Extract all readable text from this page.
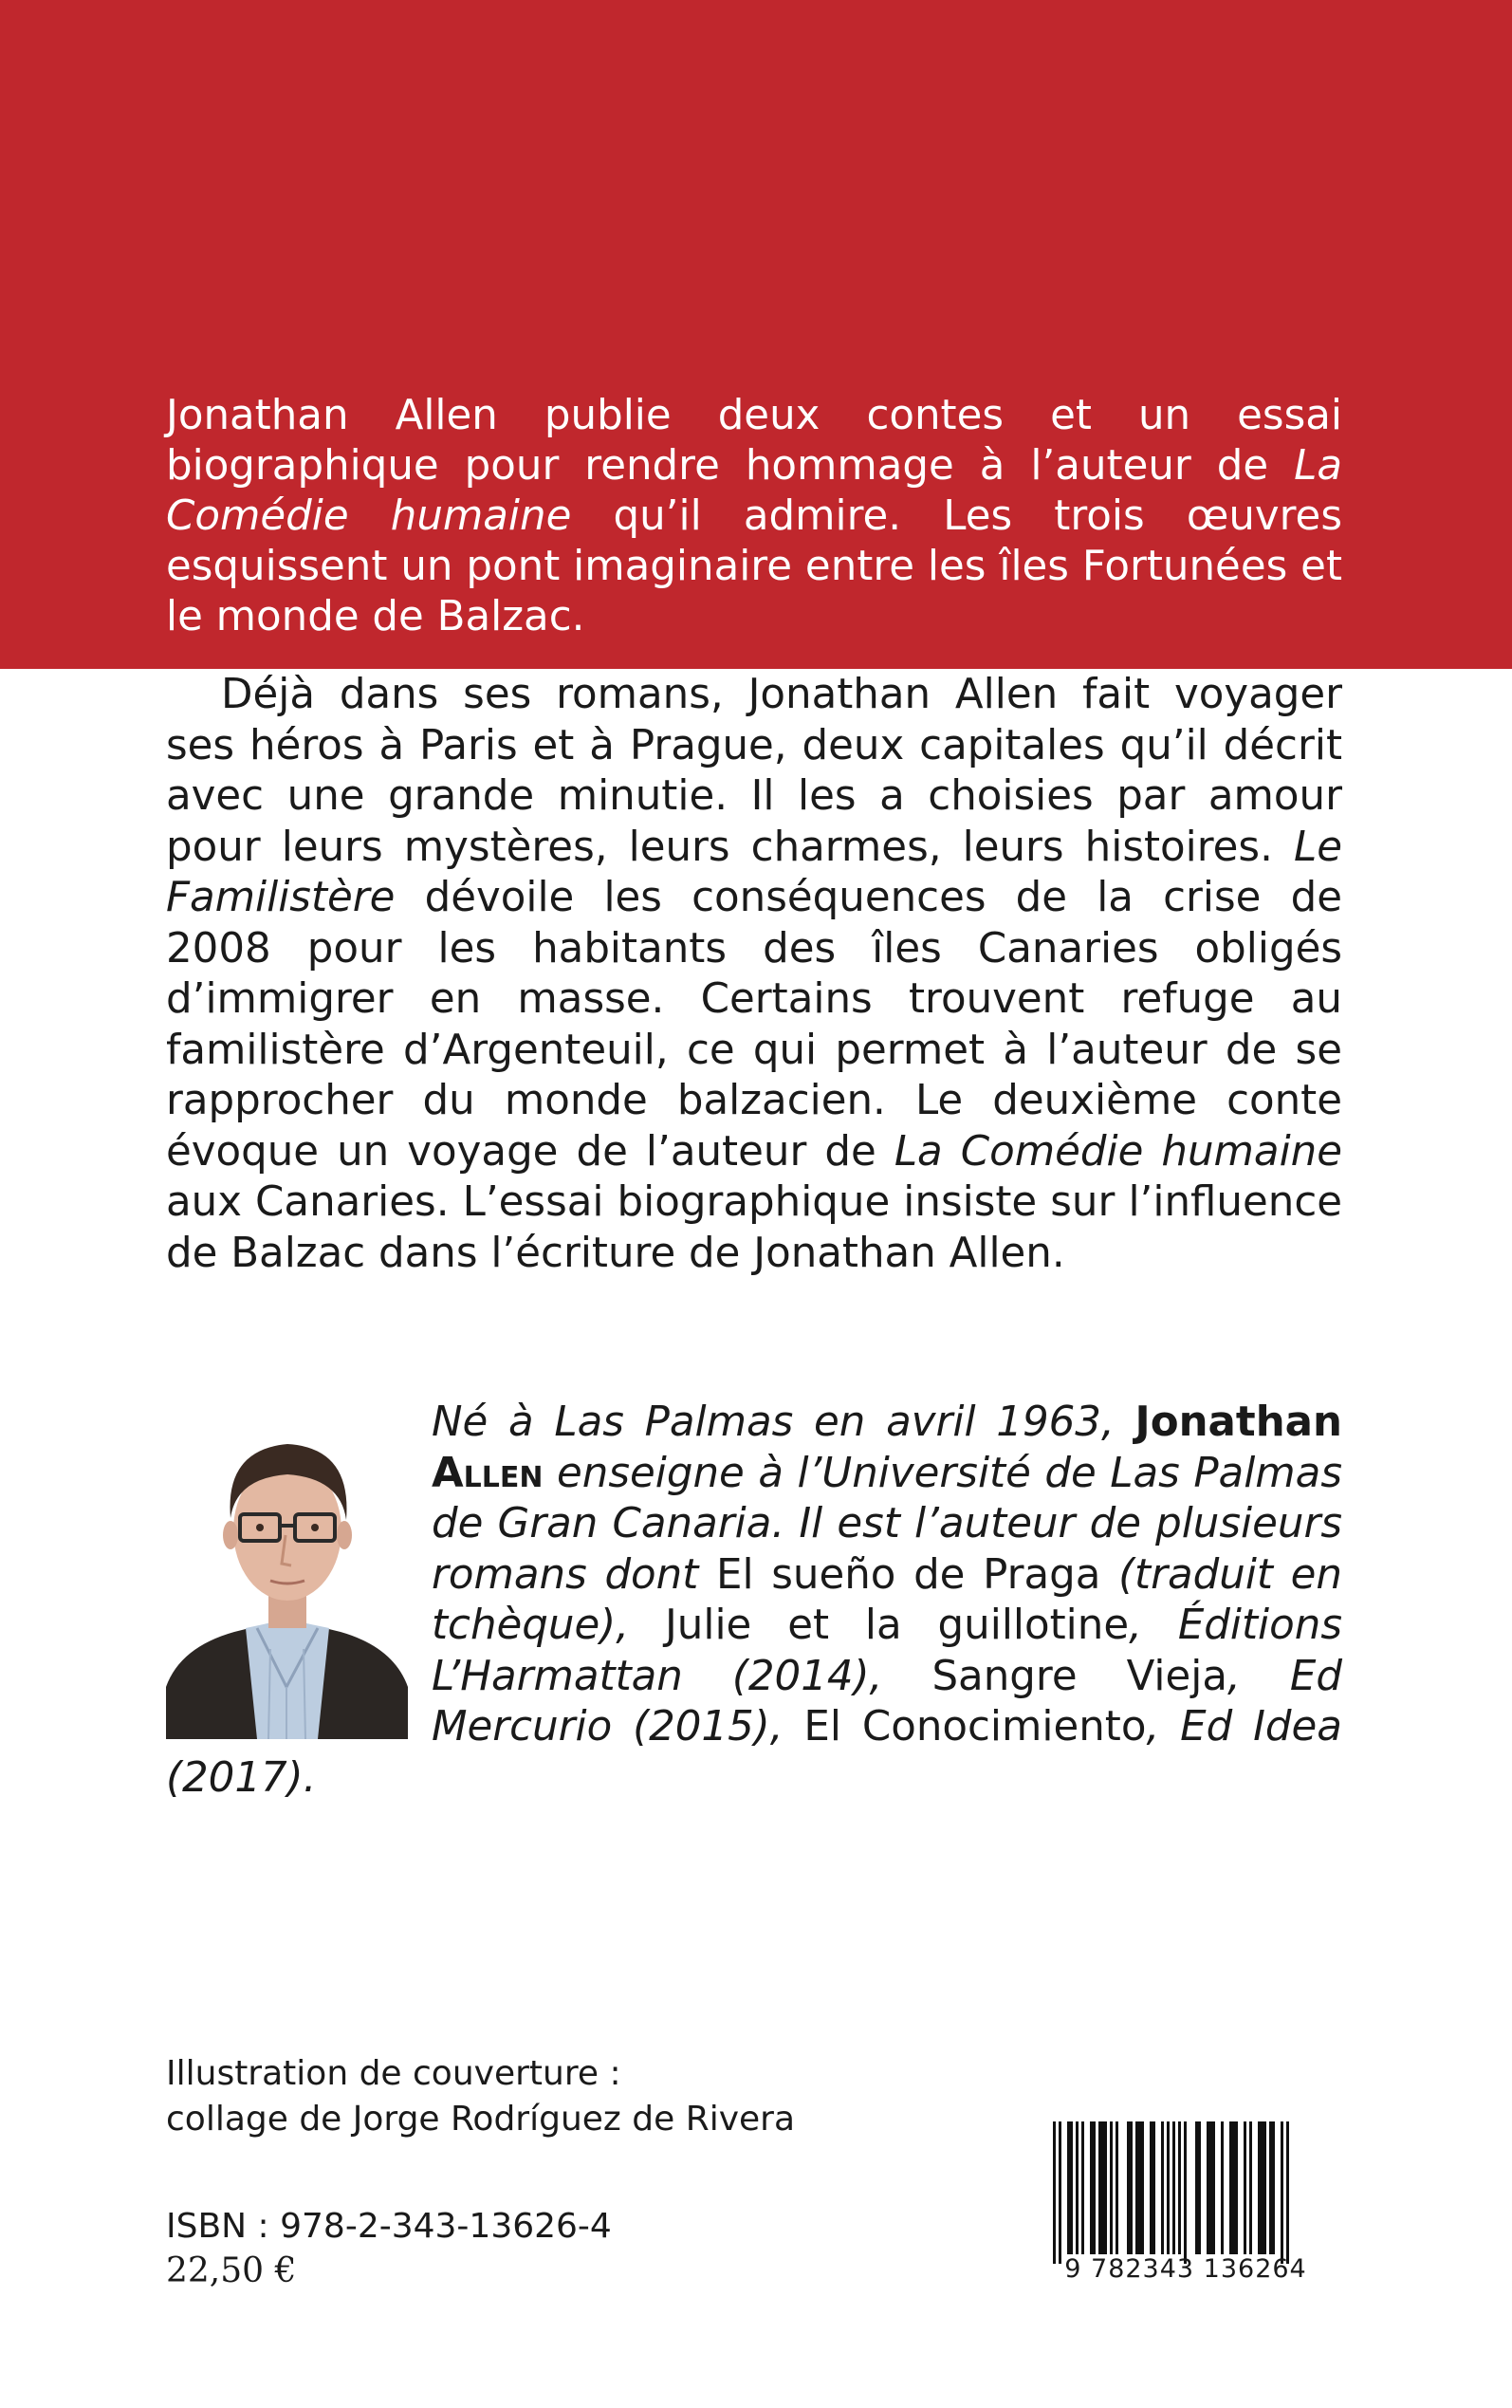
Jonathan Allen publie deux contes et un essai biographique pour rendre hommage à l’auteur de La Comédie humaine qu’il admire. Les trois œuvres esquissent un pont imaginaire entre les îles Fortunées et le monde de Balzac.

Déjà dans ses romans, Jonathan Allen fait voyager ses héros à Paris et à Prague, deux capitales qu’il décrit avec une grande minutie. Il les a choisies par amour pour leurs mystères, leurs charmes, leurs histoires. Le Familistère dévoile les conséquences de la crise de 2008 pour les habitants des îles Canaries obligés d’immigrer en masse. Certains trouvent refuge au familistère d’Argenteuil, ce qui permet à l’auteur de se rapprocher du monde balzacien. Le deuxième conte évoque un voyage de l’auteur de La Comédie humaine aux Canaries. L’essai biographique insiste sur l’influence de Balzac dans l’écriture de Jonathan Allen.

Né à Las Palmas en avril 1963, Jonathan Allen enseigne à l’Université de Las Palmas de Gran Canaria. Il est l’auteur de plusieurs romans dont El sueño de Praga (traduit en tchèque), Julie et la guillotine, Éditions L’Harmattan (2014), Sangre Vieja, Ed Mercurio (2015), El Conocimiento, Ed Idea (2017).

Illustration de couverture :
collage de Jorge Rodríguez de Rivera
ISBN : 978-2-343-13626-4
22,50 €	9 782343 136264
